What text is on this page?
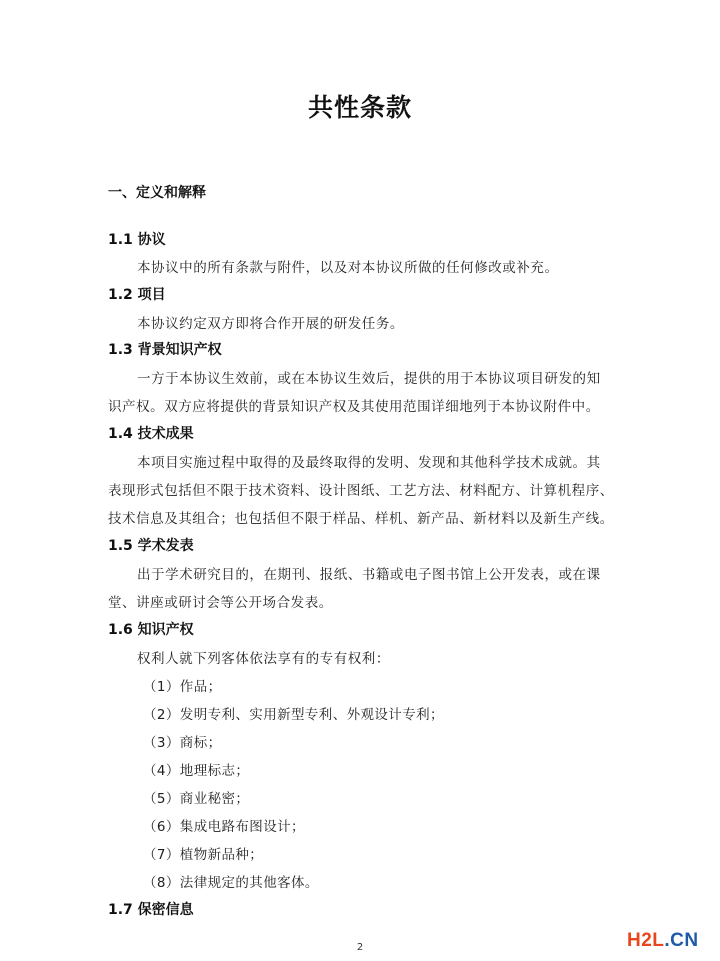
共性条款
一、定义和解释
1.1 协议
本协议中的所有条款与附件，以及对本协议所做的任何修改或补充。
1.2 项目
本协议约定双方即将合作开展的研发任务。
1.3 背景知识产权
一方于本协议生效前，或在本协议生效后，提供的用于本协议项目研发的知
识产权。双方应将提供的背景知识产权及其使用范围详细地列于本协议附件中。
1.4 技术成果
本项目实施过程中取得的及最终取得的发明、发现和其他科学技术成就。其
表现形式包括但不限于技术资料、设计图纸、工艺方法、材料配方、计算机程序、
技术信息及其组合；也包括但不限于样品、样机、新产品、新材料以及新生产线。
1.5 学术发表
出于学术研究目的，在期刊、报纸、书籍或电子图书馆上公开发表，或在课
堂、讲座或研讨会等公开场合发表。
1.6 知识产权
权利人就下列客体依法享有的专有权利：
（1）作品；
（2）发明专利、实用新型专利、外观设计专利；
（3）商标；
（4）地理标志；
（5）商业秘密；
（6）集成电路布图设计；
（7）植物新品种；
（8）法律规定的其他客体。
1.7 保密信息
2	H2L.CN
